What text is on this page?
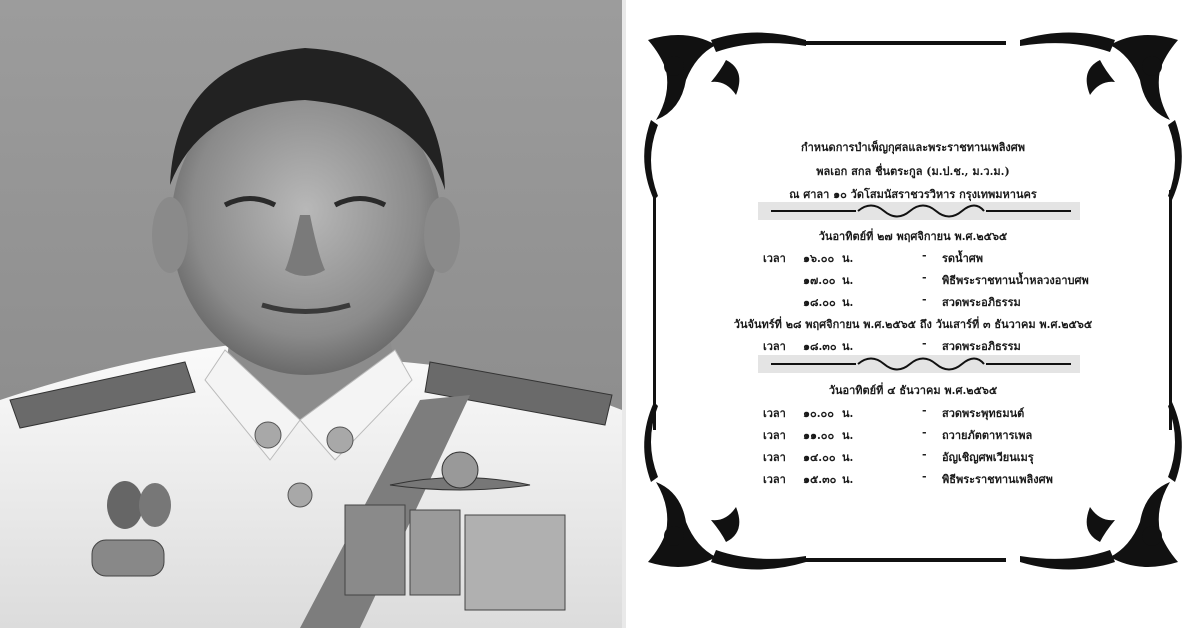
กำหนดการบำเพ็ญกุศลและพระราชทานเพลิงศพ
พลเอก สกล ชื่นตระกูล (ม.ป.ช., ม.ว.ม.)
ณ ศาลา ๑๐ วัดโสมนัสราชวรวิหาร กรุงเทพมหานคร
วันอาทิตย์ที่ ๒๗ พฤศจิกายน พ.ศ.๒๕๖๕
เวลา ๑๖.๐๐ น.	- รดน้ำศพ
๑๗.๐๐ น.	- พิธีพระราชทานน้ำหลวงอาบศพ
๑๘.๐๐ น.	- สวดพระอภิธรรม
วันจันทร์ที่ ๒๘ พฤศจิกายน พ.ศ.๒๕๖๕ ถึง วันเสาร์ที่ ๓ ธันวาคม พ.ศ.๒๕๖๕
เวลา ๑๘.๓๐ น.	- สวดพระอภิธรรม
วันอาทิตย์ที่ ๔ ธันวาคม พ.ศ.๒๕๖๕
เวลา ๑๐.๐๐ น.	- สวดพระพุทธมนต์
เวลา ๑๑.๐๐ น.	- ถวายภัตตาหารเพล
เวลา ๑๔.๐๐ น.	- อัญเชิญศพเวียนเมรุ
เวลา ๑๕.๓๐ น.	- พิธีพระราชทานเพลิงศพ
